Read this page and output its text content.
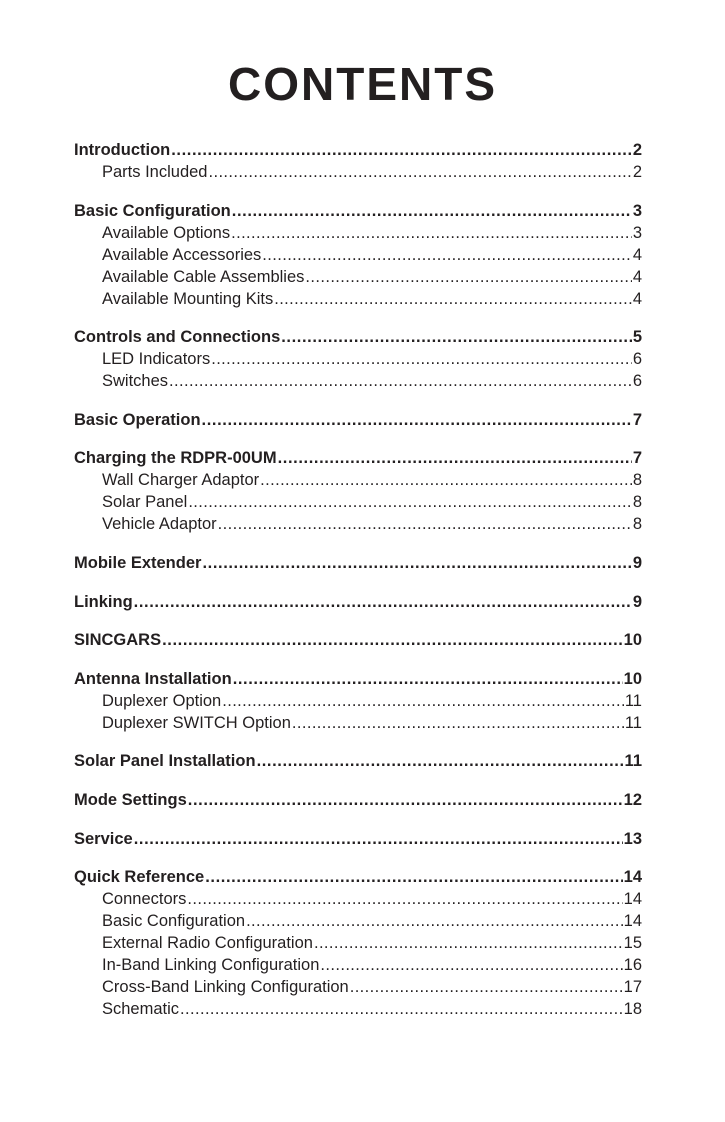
CONTENTS
Introduction .....	2
Parts Included .....	2
Basic Configuration .....	3
Available Options .....	3
Available Accessories .....	4
Available Cable Assemblies .....	4
Available Mounting Kits .....	4
Controls and Connections .....	5
LED Indicators .....	6
Switches .....	6
Basic Operation .....	7
Charging the RDPR-00UM .....	7
Wall Charger Adaptor .....	8
Solar Panel .....	8
Vehicle Adaptor .....	8
Mobile Extender .....	9
Linking .....	9
SINCGARS .....	10
Antenna Installation .....	10
Duplexer Option .....	11
Duplexer SWITCH Option .....	11
Solar Panel Installation .....	11
Mode Settings .....	12
Service .....	13
Quick Reference .....	14
Connectors .....	14
Basic Configuration .....	14
External Radio Configuration .....	15
In-Band Linking Configuration .....	16
Cross-Band Linking Configuration .....	17
Schematic .....	18
